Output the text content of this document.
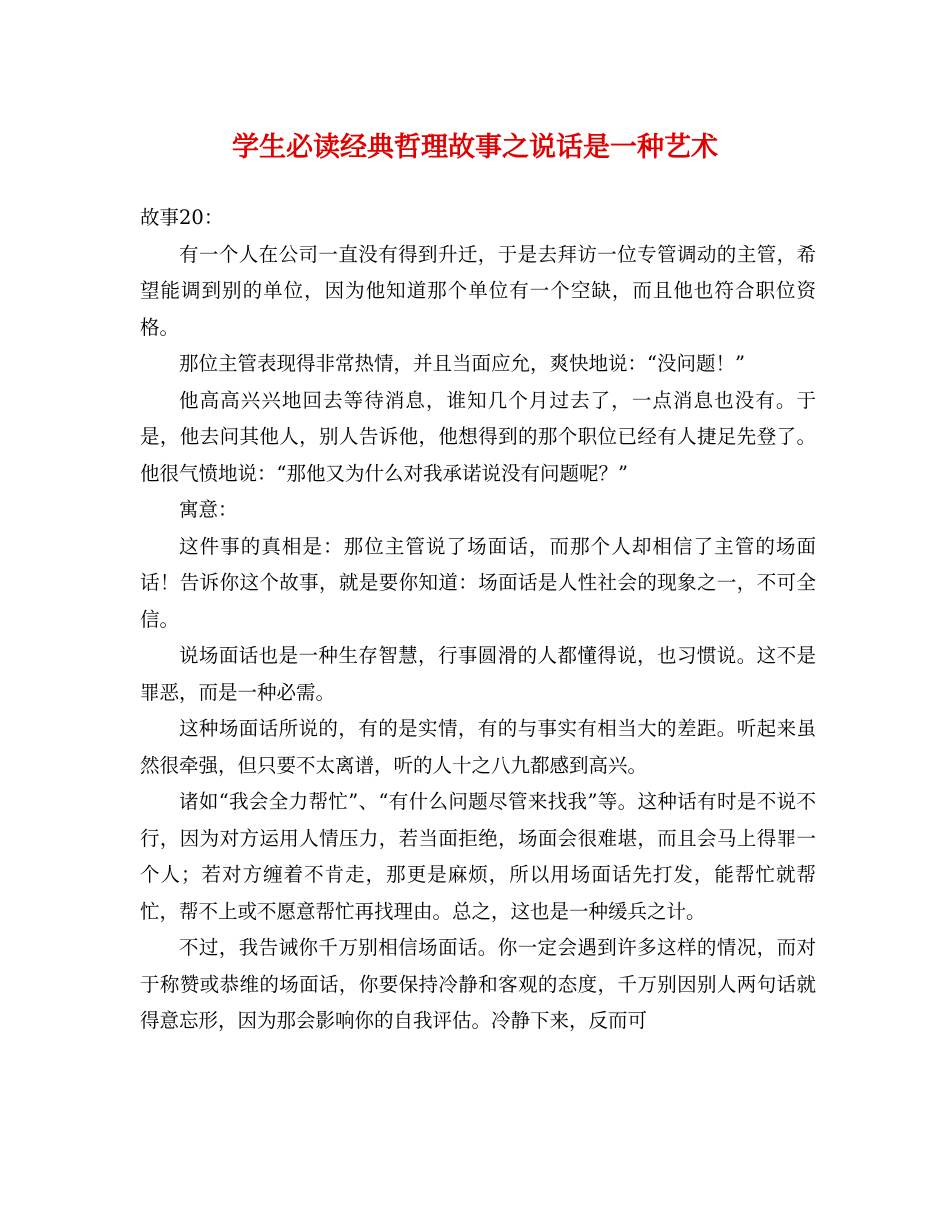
学生必读经典哲理故事之说话是一种艺术

故事20：

有一个人在公司一直没有得到升迁，于是去拜访一位专管调动的主管，希望能调到别的单位，因为他知道那个单位有一个空缺，而且他也符合职位资格。

那位主管表现得非常热情，并且当面应允，爽快地说：“没问题！”

他高高兴兴地回去等待消息，谁知几个月过去了，一点消息也没有。于是，他去问其他人，别人告诉他，他想得到的那个职位已经有人捷足先登了。他很气愤地说：“那他又为什么对我承诺说没有问题呢？”

寓意：

这件事的真相是：那位主管说了场面话，而那个人却相信了主管的场面话！告诉你这个故事，就是要你知道：场面话是人性社会的现象之一，不可全信。

说场面话也是一种生存智慧，行事圆滑的人都懂得说，也习惯说。这不是罪恶，而是一种必需。

这种场面话所说的，有的是实情，有的与事实有相当大的差距。听起来虽然很牵强，但只要不太离谱，听的人十之八九都感到高兴。

诸如“我会全力帮忙”、“有什么问题尽管来找我”等。这种话有时是不说不行，因为对方运用人情压力，若当面拒绝，场面会很难堪，而且会马上得罪一个人；若对方缠着不肯走，那更是麻烦，所以用场面话先打发，能帮忙就帮忙，帮不上或不愿意帮忙再找理由。总之，这也是一种缓兵之计。

不过，我告诫你千万别相信场面话。你一定会遇到许多这样的情况，而对于称赞或恭维的场面话，你要保持冷静和客观的态度，千万别因别人两句话就得意忘形，因为那会影响你的自我评估。冷静下来，反而可
